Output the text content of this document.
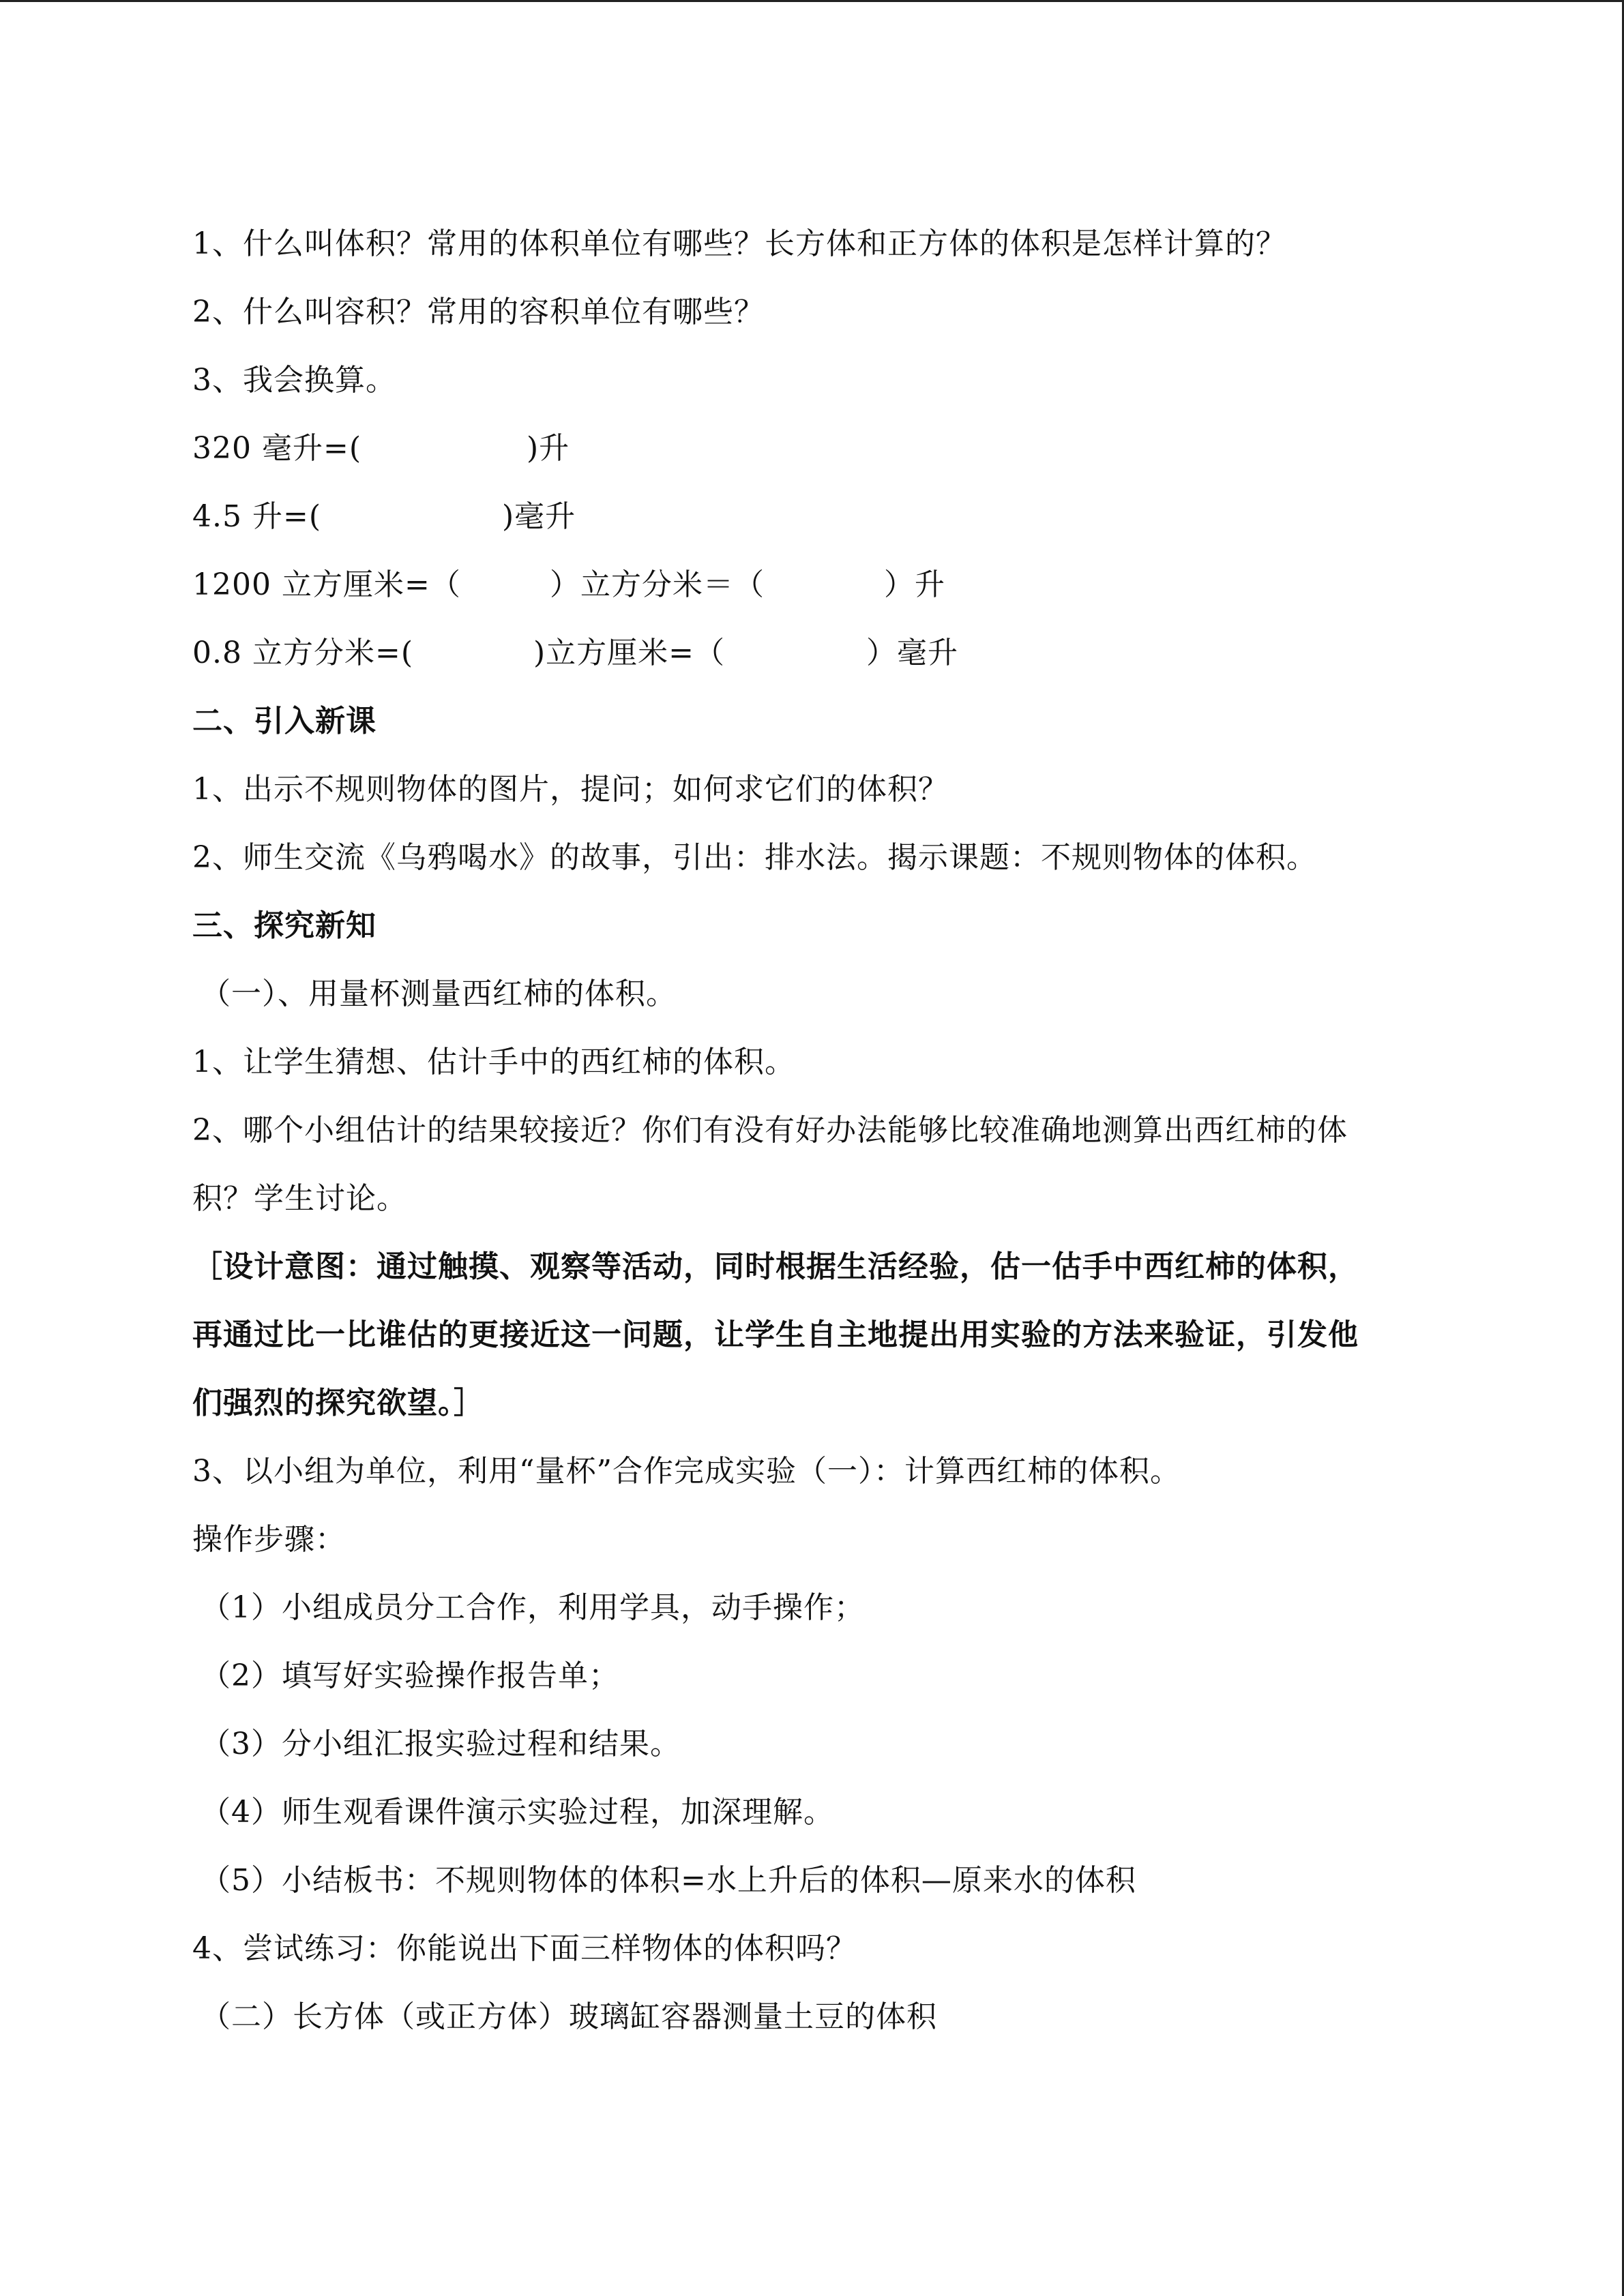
1、什么叫体积？常用的体积单位有哪些？长方体和正方体的体积是怎样计算的？
2、什么叫容积？常用的容积单位有哪些？
3、我会换算。
320 毫升=(	)升
4.5 升=(	)毫升
1200 立方厘米=（	）立方分米＝（	）升
0.8 立方分米=(	)立方厘米=（	）毫升
二、引入新课
1、出示不规则物体的图片，提问；如何求它们的体积？
2、师生交流《乌鸦喝水》的故事，引出：排水法。揭示课题：不规则物体的体积。
三、探究新知
（一）、用量杯测量西红柿的体积。
1、让学生猜想、估计手中的西红柿的体积。
2、哪个小组估计的结果较接近？你们有没有好办法能够比较准确地测算出西红柿的体
积？学生讨论。
［设计意图：通过触摸、观察等活动，同时根据生活经验，估一估手中西红柿的体积，
再通过比一比谁估的更接近这一问题，让学生自主地提出用实验的方法来验证，引发他
们强烈的探究欲望。］
3、以小组为单位，利用“量杯”合作完成实验（一）：计算西红柿的体积。
操作步骤：
（1）小组成员分工合作，利用学具，动手操作；
（2）填写好实验操作报告单；
（3）分小组汇报实验过程和结果。
（4）师生观看课件演示实验过程，加深理解。
（5）小结板书：不规则物体的体积=水上升后的体积—原来水的体积
4、尝试练习：你能说出下面三样物体的体积吗？
（二）长方体（或正方体）玻璃缸容器测量土豆的体积
